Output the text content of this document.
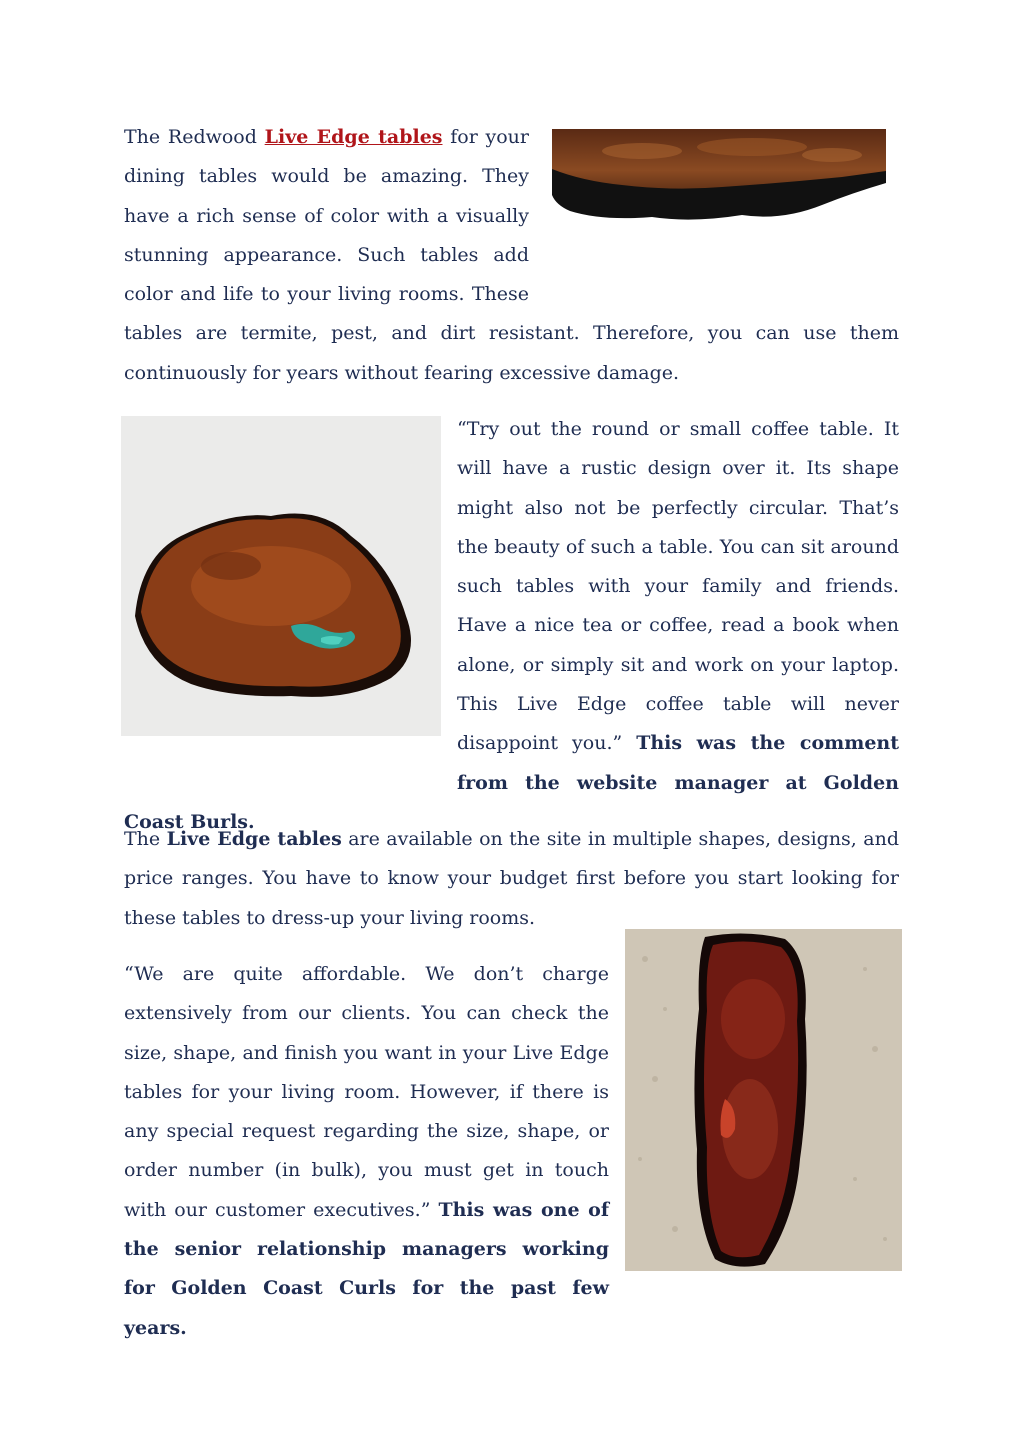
The Redwood Live Edge tables for your dining tables would be amazing. They have a rich sense of color with a visually stunning appearance. Such tables add color and life to your living rooms. These tables are termite, pest, and dirt resistant. Therefore, you can use them continuously for years without fearing excessive damage.

“Try out the round or small coffee table. It will have a rustic design over it. Its shape might also not be perfectly circular. That’s the beauty of such a table. You can sit around such tables with your family and friends. Have a nice tea or coffee, read a book when alone, or simply sit and work on your laptop. This Live Edge coffee table will never disappoint you.” This was the comment from the website manager at Golden Coast Burls.

The Live Edge tables are available on the site in multiple shapes, designs, and price ranges. You have to know your budget first before you start looking for these tables to dress-up your living rooms.

“We are quite affordable. We don’t charge extensively from our clients. You can check the size, shape, and finish you want in your Live Edge tables for your living room. However, if there is any special request regarding the size, shape, or order number (in bulk), you must get in touch with our customer executives.” This was one of the senior relationship managers working for Golden Coast Curls for the past few years.
